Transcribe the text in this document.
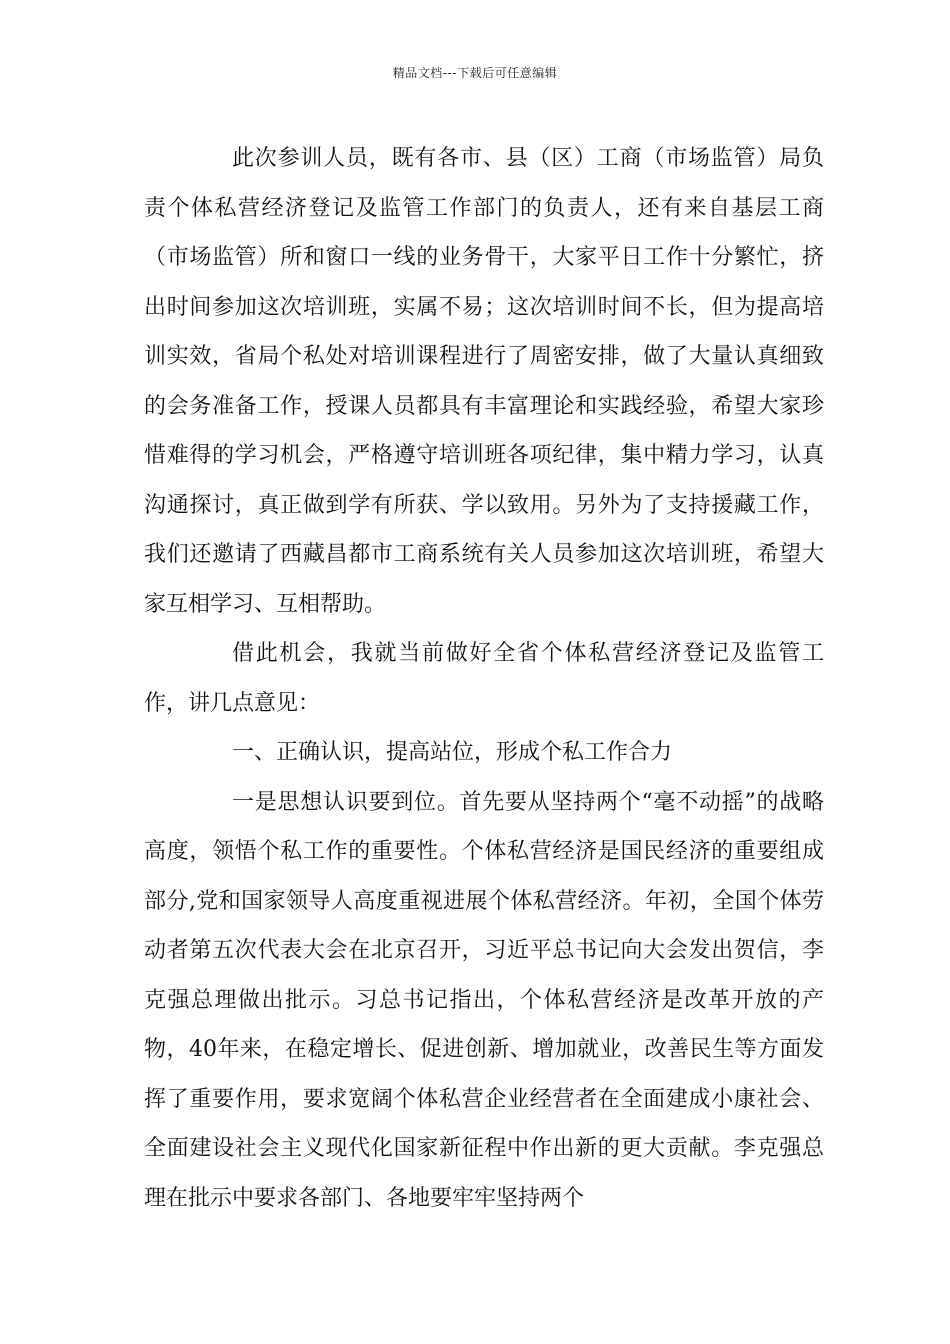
精品文档---下载后可任意编辑

此次参训人员，既有各市、县（区）工商（市场监管）局负责个体私营经济登记及监管工作部门的负责人，还有来自基层工商（市场监管）所和窗口一线的业务骨干，大家平日工作十分繁忙，挤出时间参加这次培训班，实属不易；这次培训时间不长，但为提高培训实效，省局个私处对培训课程进行了周密安排，做了大量认真细致的会务准备工作，授课人员都具有丰富理论和实践经验，希望大家珍惜难得的学习机会，严格遵守培训班各项纪律，集中精力学习，认真沟通探讨，真正做到学有所获、学以致用。另外为了支持援藏工作，我们还邀请了西藏昌都市工商系统有关人员参加这次培训班，希望大家互相学习、互相帮助。

借此机会，我就当前做好全省个体私营经济登记及监管工作，讲几点意见：

一、正确认识，提高站位，形成个私工作合力

一是思想认识要到位。首先要从坚持两个“毫不动摇”的战略高度，领悟个私工作的重要性。个体私营经济是国民经济的重要组成部分,党和国家领导人高度重视进展个体私营经济。年初，全国个体劳动者第五次代表大会在北京召开，习近平总书记向大会发出贺信，李克强总理做出批示。习总书记指出，个体私营经济是改革开放的产物，40年来，在稳定增长、促进创新、增加就业，改善民生等方面发挥了重要作用，要求宽阔个体私营企业经营者在全面建成小康社会、全面建设社会主义现代化国家新征程中作出新的更大贡献。李克强总理在批示中要求各部门、各地要牢牢坚持两个
